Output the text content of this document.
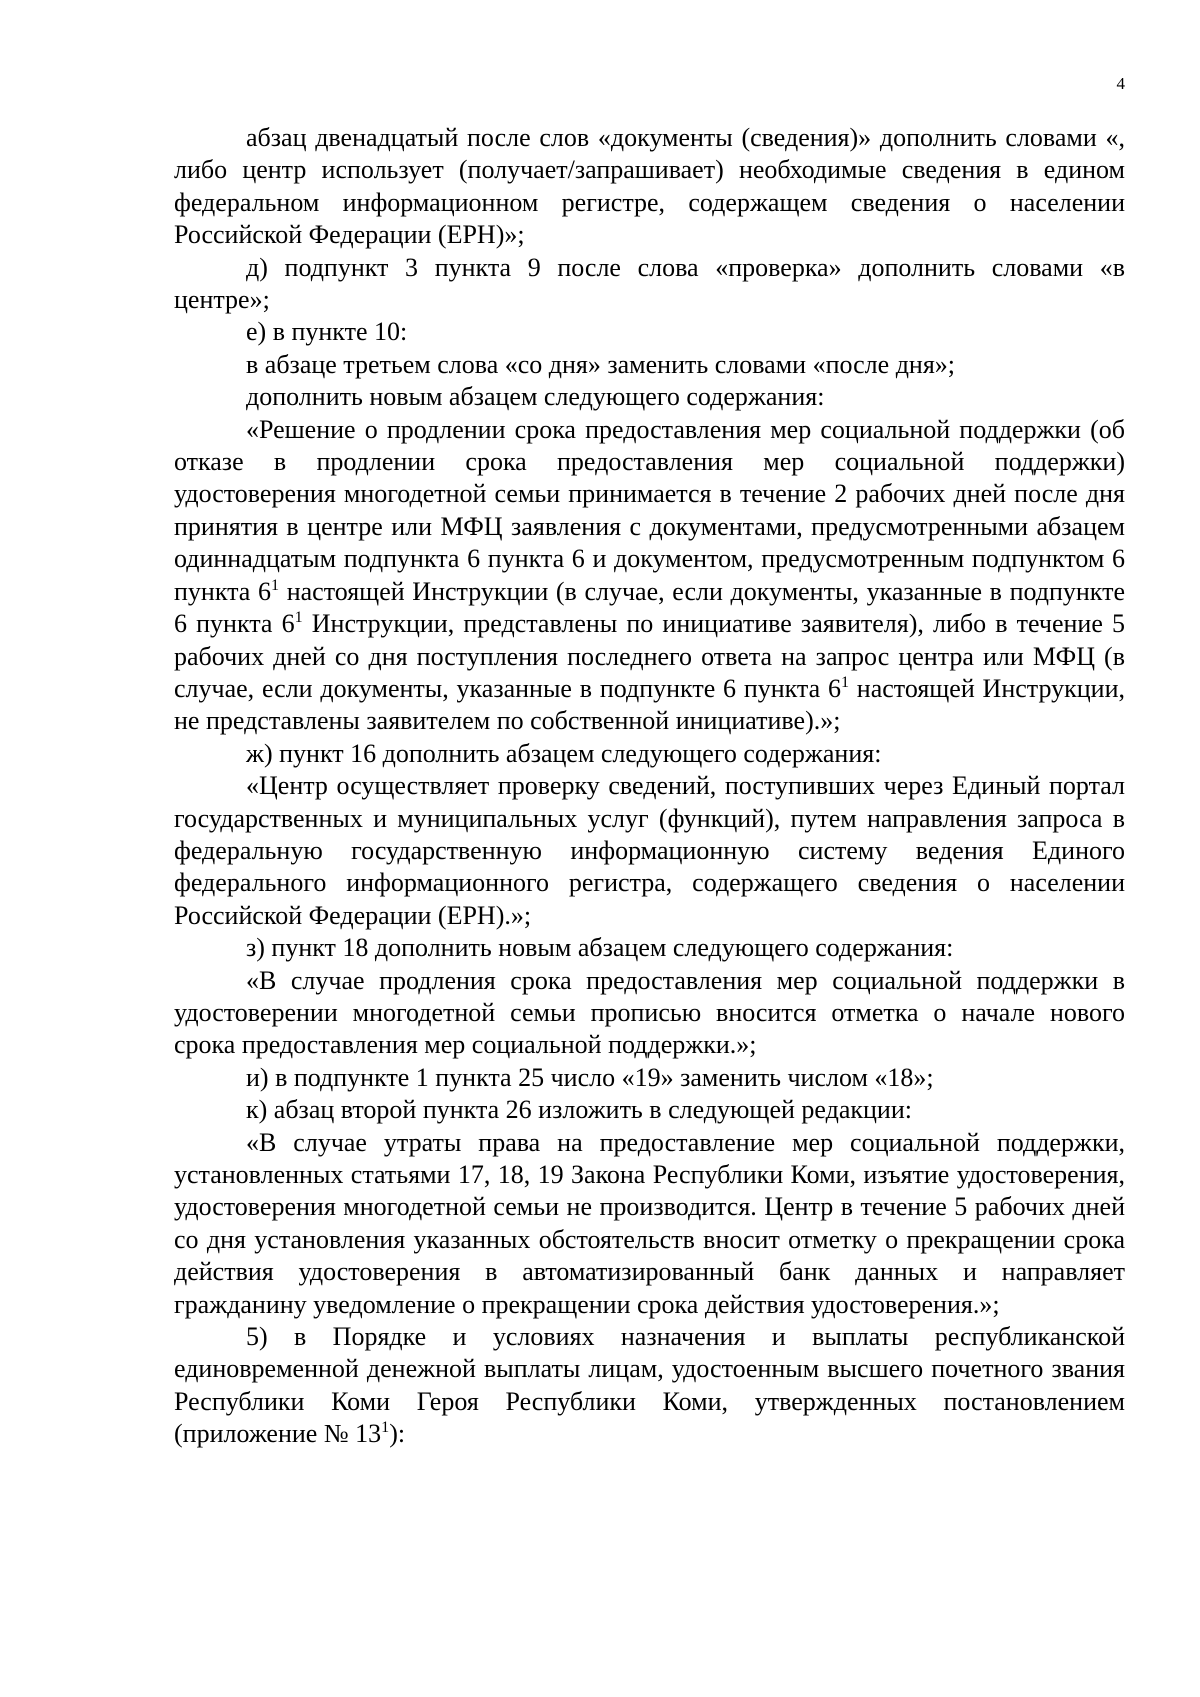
4

абзац двенадцатый после слов «документы (сведения)» дополнить словами «, либо центр использует (получает/запрашивает) необходимые сведения в едином федеральном информационном регистре, содержащем сведения о населении Российской Федерации (ЕРН)»;

д) подпункт 3 пункта 9 после слова «проверка» дополнить словами «в центре»;

е) в пункте 10:

в абзаце третьем слова «со дня» заменить словами «после дня»;

дополнить новым абзацем следующего содержания:

«Решение о продлении срока предоставления мер социальной поддержки (об отказе в продлении срока предоставления мер социальной поддержки) удостоверения многодетной семьи принимается в течение 2 рабочих дней после дня принятия в центре или МФЦ заявления с документами, предусмотренными абзацем одиннадцатым подпункта 6 пункта 6 и документом, предусмотренным подпунктом 6 пункта $6^1$ настоящей Инструкции (в случае, если документы, указанные в подпункте 6 пункта $6^1$ Инструкции, представлены по инициативе заявителя), либо в течение 5 рабочих дней со дня поступления последнего ответа на запрос центра или МФЦ (в случае, если документы, указанные в подпункте 6 пункта $6^1$ настоящей Инструкции, не представлены заявителем по собственной инициативе).»;

ж) пункт 16 дополнить абзацем следующего содержания:

«Центр осуществляет проверку сведений, поступивших через Единый портал государственных и муниципальных услуг (функций), путем направления запроса в федеральную государственную информационную систему ведения Единого федерального информационного регистра, содержащего сведения о населении Российской Федерации (ЕРН).»;

з) пункт 18 дополнить новым абзацем следующего содержания:

«В случае продления срока предоставления мер социальной поддержки в удостоверении многодетной семьи прописью вносится отметка о начале нового срока предоставления мер социальной поддержки.»;

и) в подпункте 1 пункта 25 число «19» заменить числом «18»;

к) абзац второй пункта 26 изложить в следующей редакции:

«В случае утраты права на предоставление мер социальной поддержки, установленных статьями 17, 18, 19 Закона Республики Коми, изъятие удостоверения, удостоверения многодетной семьи не производится. Центр в течение 5 рабочих дней со дня установления указанных обстоятельств вносит отметку о прекращении срока действия удостоверения в автоматизированный банк данных и направляет гражданину уведомление о прекращении срока действия удостоверения.»;

5) в Порядке и условиях назначения и выплаты республиканской единовременной денежной выплаты лицам, удостоенным высшего почетного звания Республики Коми Героя Республики Коми, утвержденных постановлением (приложение № $13^1$):
